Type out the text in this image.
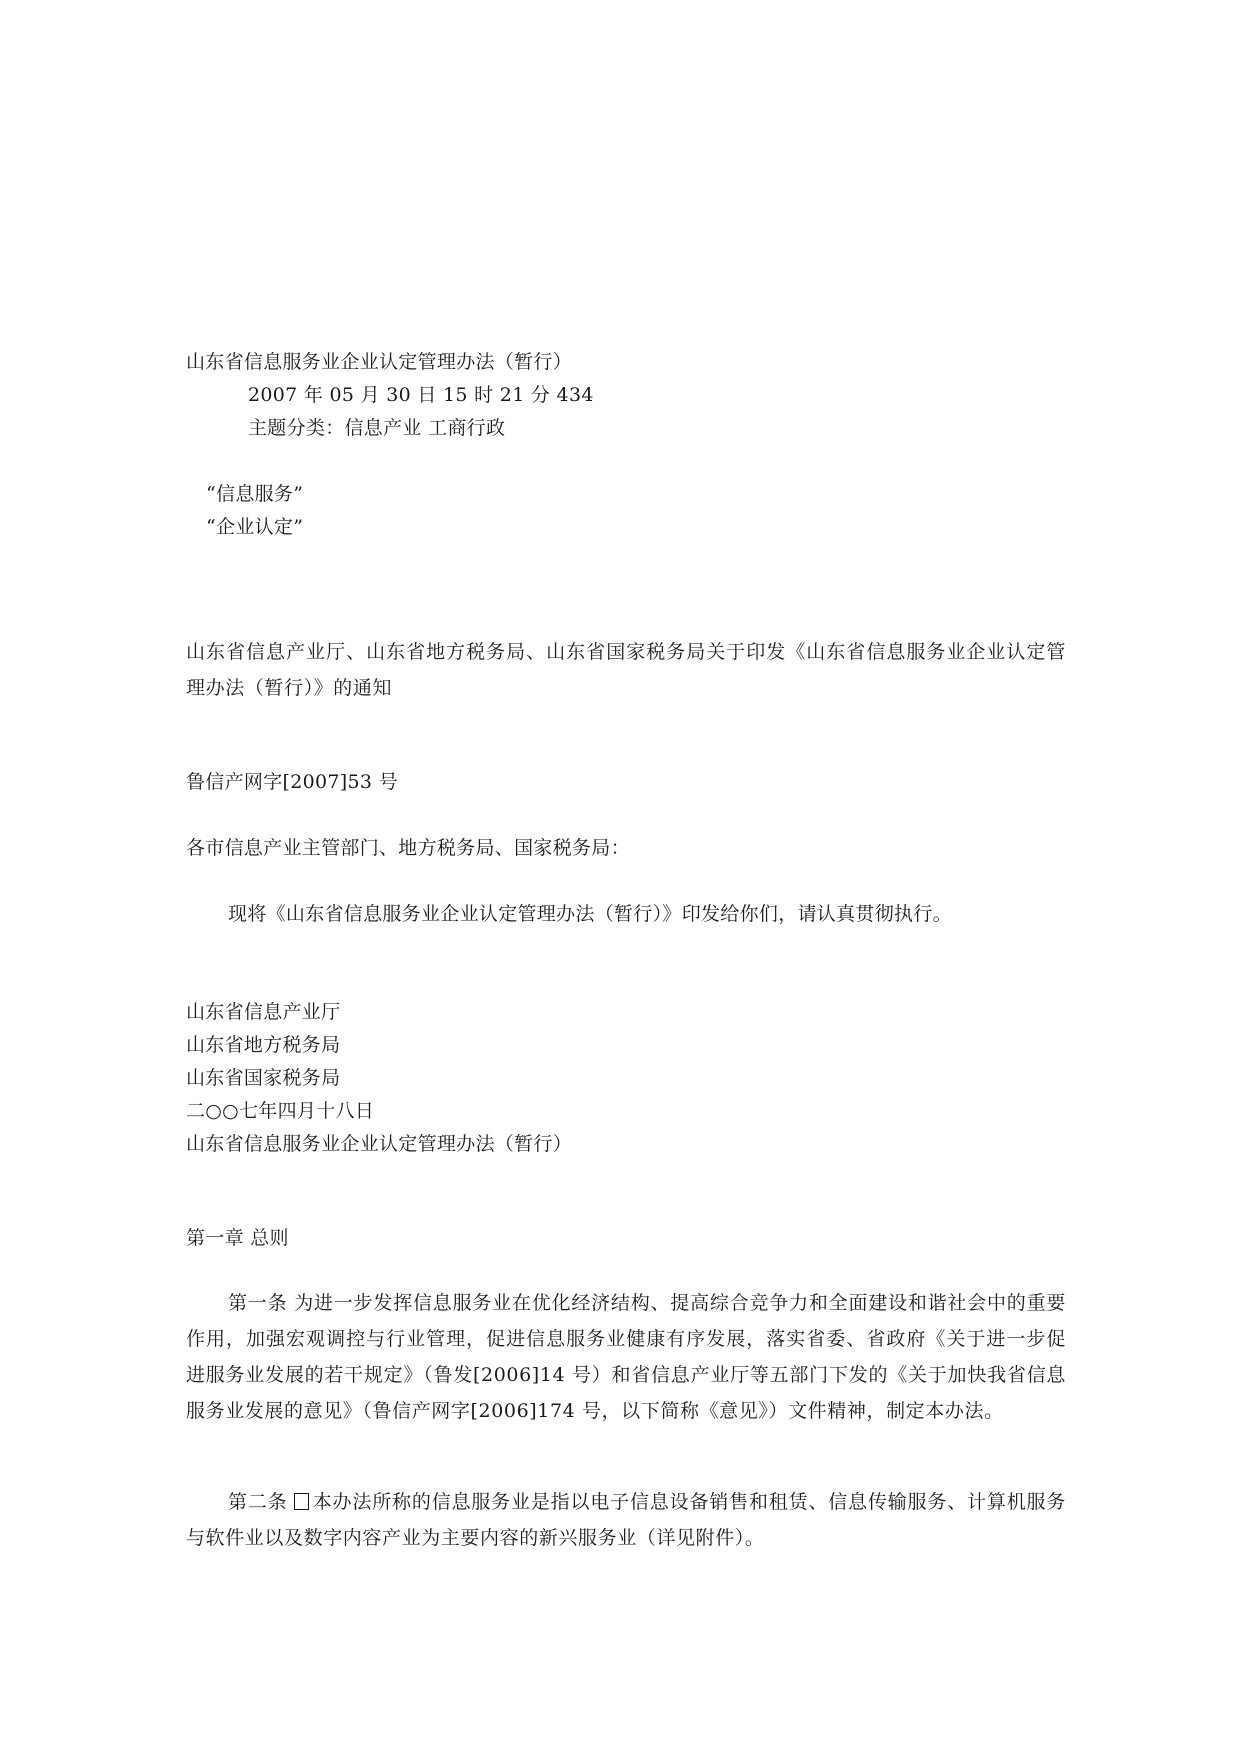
山东省信息服务业企业认定管理办法（暂行）
2007 年 05 月 30 日 15 时 21 分 434
主题分类：信息产业 工商行政
“信息服务”
“企业认定”

山东省信息产业厅、山东省地方税务局、山东省国家税务局关于印发《山东省信息服务业企业认定管理办法（暂行）》的通知

鲁信产网字[2007]53 号
各市信息产业主管部门、地方税务局、国家税务局：
现将《山东省信息服务业企业认定管理办法（暂行）》印发给你们，请认真贯彻执行。
山东省信息产业厅
山东省地方税务局
山东省国家税务局
二○○七年四月十八日
山东省信息服务业企业认定管理办法（暂行）
第一章 总则

第一条 为进一步发挥信息服务业在优化经济结构、提高综合竞争力和全面建设和谐社会中的重要作用，加强宏观调控与行业管理，促进信息服务业健康有序发展，落实省委、省政府《关于进一步促进服务业发展的若干规定》（鲁发[2006]14 号）和省信息产业厅等五部门下发的《关于加快我省信息服务业发展的意见》（鲁信产网字[2006]174 号，以下简称《意见》）文件精神，制定本办法。

第二条 本办法所称的信息服务业是指以电子信息设备销售和租赁、信息传输服务、计算机服务与软件业以及数字内容产业为主要内容的新兴服务业（详见附件）。
